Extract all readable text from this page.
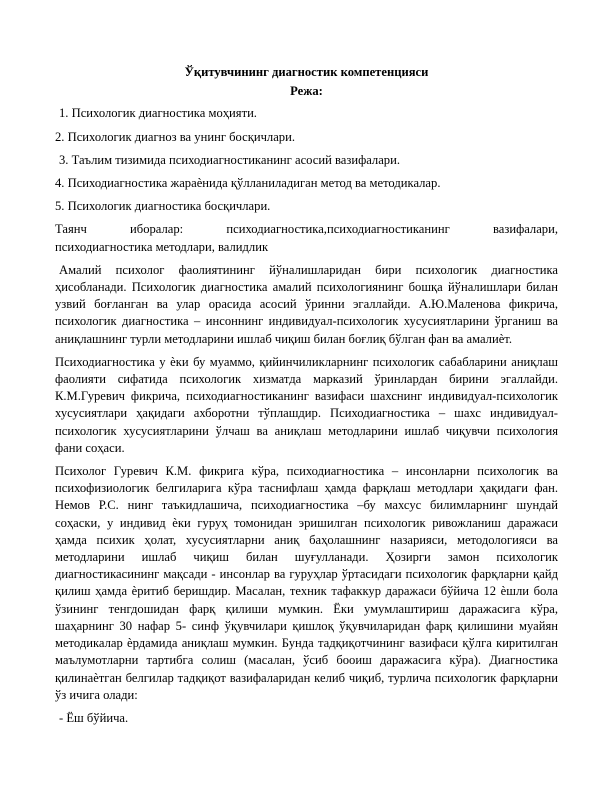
Ўқитувчининг диагностик компетенцияси

Режа:

1. Психологик диагностика моҳияти.

2. Психологик диагноз ва унинг босқичлари.

3. Таълим тизимида психодиагностиканинг асосий вазифалари.

4. Психодиагностика жараѐнида қўлланиладиган метод ва методикалар.

5. Психологик диагностика босқичлари.

Таянч иборалар: психодиагностика,психодиагностиканинг вазифалари,
психодиагностика методлари, валидлик

Амалий психолог фаолиятининг йўналишларидан бири психологик диагностика ҳисобланади. Психологик диагностика амалий психологиянинг бошқа йўналишлари билан узвий боғланган ва улар орасида асосий ўринни эгаллайди. А.Ю.Маленова фикрича, психологик диагностика – инсоннинг индивидуал-психологик хусусиятларини ўрганиш ва аниқлашнинг турли методларини ишлаб чиқиш билан боғлиқ бўлган фан ва амалиѐт.

Психодиагностика у ѐки бу муаммо, қийинчиликларнинг психологик сабабларини аниқлаш фаолияти сифатида психологик хизматда марказий ўринлардан бирини эгаллайди. К.М.Гуревич фикрича, психодиагностиканинг вазифаси шахснинг индивидуал-психологик хусусиятлари ҳақидаги ахборотни тўплашдир. Психодиагностика – шахс индивидуал-психологик хусусиятларини ўлчаш ва аниқлаш методларини ишлаб чиқувчи психология фани соҳаси.

Психолог Гуревич К.М. фикрига кўра, психодиагностика – инсонларни психологик ва психофизиологик белгиларига кўра таснифлаш ҳамда фарқлаш методлари ҳақидаги фан. Немов Р.С. нинг таъкидлашича, психодиагностика –бу махсус билимларнинг шундай соҳаски, у индивид ѐки гуруҳ томонидан эришилган психологик ривожланиш даражаси ҳамда психик ҳолат, хусусиятларни аниқ баҳолашнинг назарияси, методологияси ва методларини ишлаб чиқиш билан шуғулланади. Ҳозирги замон психологик диагностикасининг мақсади - инсонлар ва гуруҳлар ўртасидаги психологик фарқларни қайд қилиш ҳамда ѐритиб беришдир. Масалан, техник тафаккур даражаси бўйича 12 ѐшли бола ўзининг тенгдошидан фарқ қилиши мумкин. Ёки умумлаштириш даражасига кўра, шаҳарнинг 30 нафар 5- синф ўқувчилари қишлоқ ўқувчиларидан фарқ қилишини муайян методикалар ѐрдамида аниқлаш мумкин. Бунда тадқиқотчининг вазифаси қўлга киритилган маълумотларни тартибга солиш (масалан, ўсиб бооиш даражасига кўра). Диагностика қилинаѐтган белгилар тадқиқот вазифаларидан келиб чиқиб, турлича психологик фарқларни ўз ичига олади:

- Ёш бўйича.
